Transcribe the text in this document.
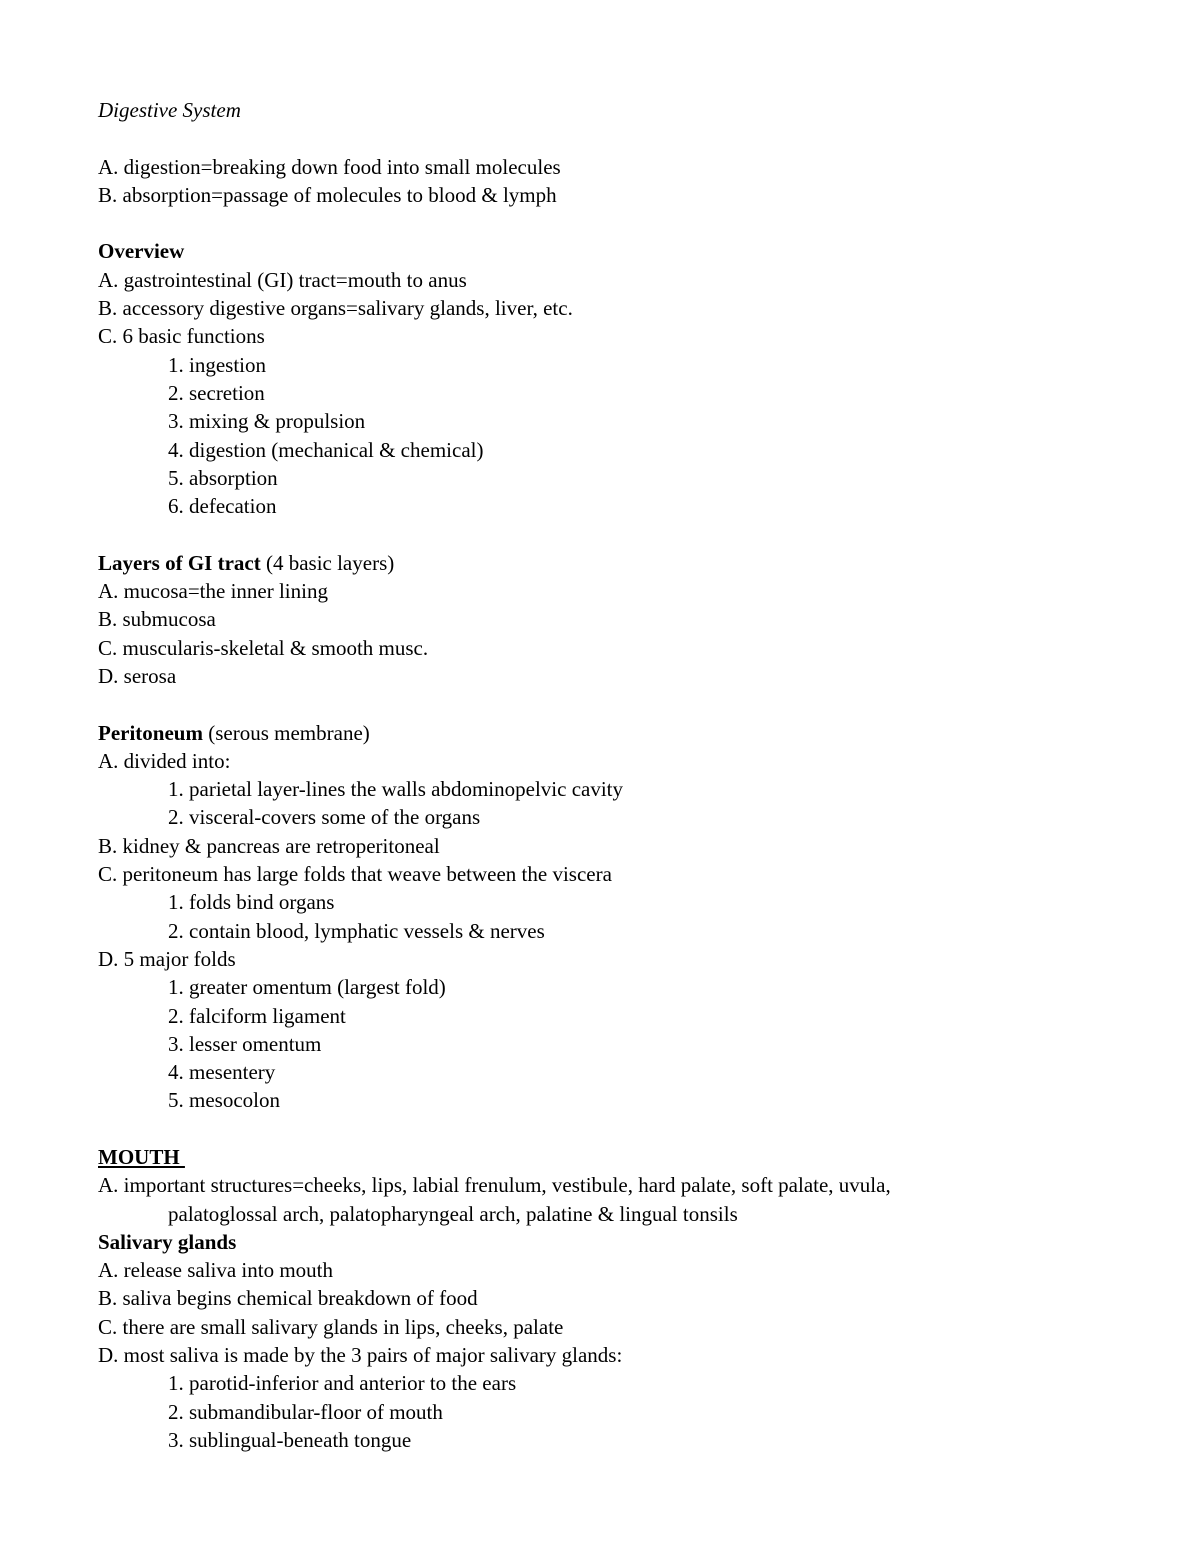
Digestive System
A. digestion=breaking down food into small molecules
B. absorption=passage of molecules to blood & lymph
Overview
A. gastrointestinal (GI) tract=mouth to anus
B. accessory digestive organs=salivary glands, liver, etc.
C. 6 basic functions
1. ingestion
2. secretion
3. mixing & propulsion
4. digestion (mechanical & chemical)
5. absorption
6. defecation
Layers of GI tract (4 basic layers)
A. mucosa=the inner lining
B. submucosa
C. muscularis-skeletal & smooth musc.
D. serosa
Peritoneum (serous membrane)
A. divided into:
1. parietal layer-lines the walls abdominopelvic cavity
2. visceral-covers some of the organs
B. kidney & pancreas are retroperitoneal
C. peritoneum has large folds that weave between the viscera
1. folds bind organs
2. contain blood, lymphatic vessels & nerves
D. 5 major folds
1. greater omentum (largest fold)
2. falciform ligament
3. lesser omentum
4. mesentery
5. mesocolon
MOUTH
A. important structures=cheeks, lips, labial frenulum, vestibule, hard palate, soft palate, uvula,
palatoglossal arch, palatopharyngeal arch, palatine & lingual tonsils
Salivary glands
A. release saliva into mouth
B. saliva begins chemical breakdown of food
C. there are small salivary glands in lips, cheeks, palate
D. most saliva is made by the 3 pairs of major salivary glands:
1. parotid-inferior and anterior to the ears
2. submandibular-floor of mouth
3. sublingual-beneath tongue
